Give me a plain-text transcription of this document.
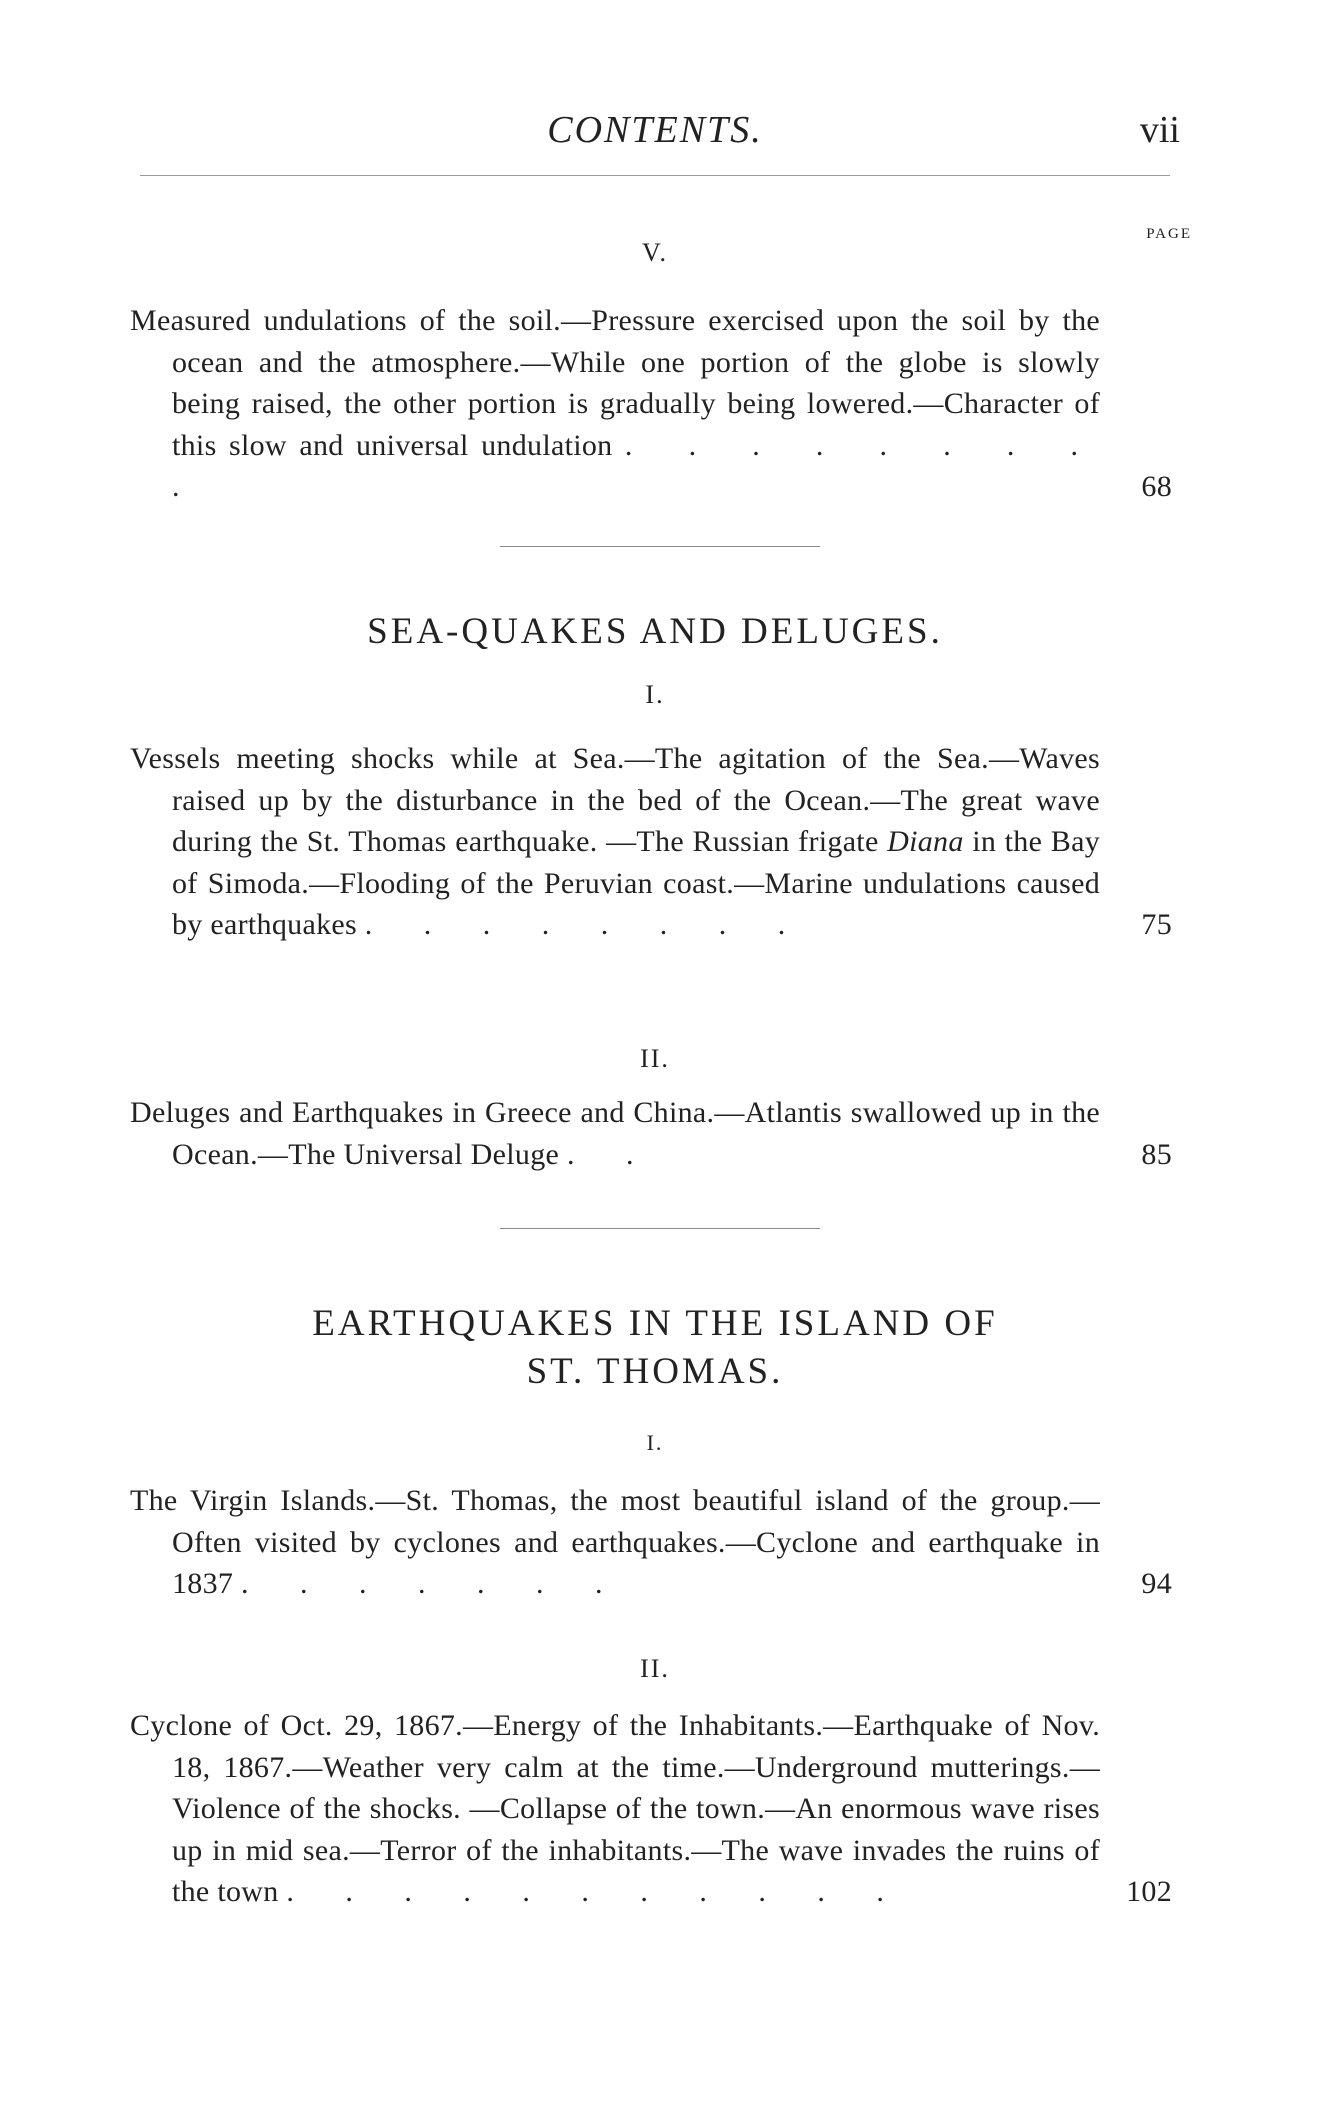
CONTENTS.	vii
PAGE
V.
Measured undulations of the soil.—Pressure exercised upon the soil by the ocean and the atmosphere.—While one portion of the globe is slowly being raised, the other portion is gradually being lowered.—Character of this slow and universal undulation . . . . . . . . .	68
SEA-QUAKES AND DELUGES.
I.
Vessels meeting shocks while at Sea.—The agitation of the Sea.—Waves raised up by the disturbance in the bed of the Ocean.—The great wave during the St. Thomas earthquake. —The Russian frigate Diana in the Bay of Simoda.—Flooding of the Peruvian coast.—Marine undulations caused by earthquakes . . . . . . . .	75
II.
Deluges and Earthquakes in Greece and China.—Atlantis swallowed up in the Ocean.—The Universal Deluge . .	85
EARTHQUAKES IN THE ISLAND OF
ST. THOMAS.
I.
The Virgin Islands.—St. Thomas, the most beautiful island of the group.—Often visited by cyclones and earthquakes.—Cyclone and earthquake in 1837 . . . . . . .	94
II.
Cyclone of Oct. 29, 1867.—Energy of the Inhabitants.—Earthquake of Nov. 18, 1867.—Weather very calm at the time.—Underground mutterings.—Violence of the shocks. —Collapse of the town.—An enormous wave rises up in mid sea.—Terror of the inhabitants.—The wave invades the ruins of the town . . . . . . . . . . .	102
